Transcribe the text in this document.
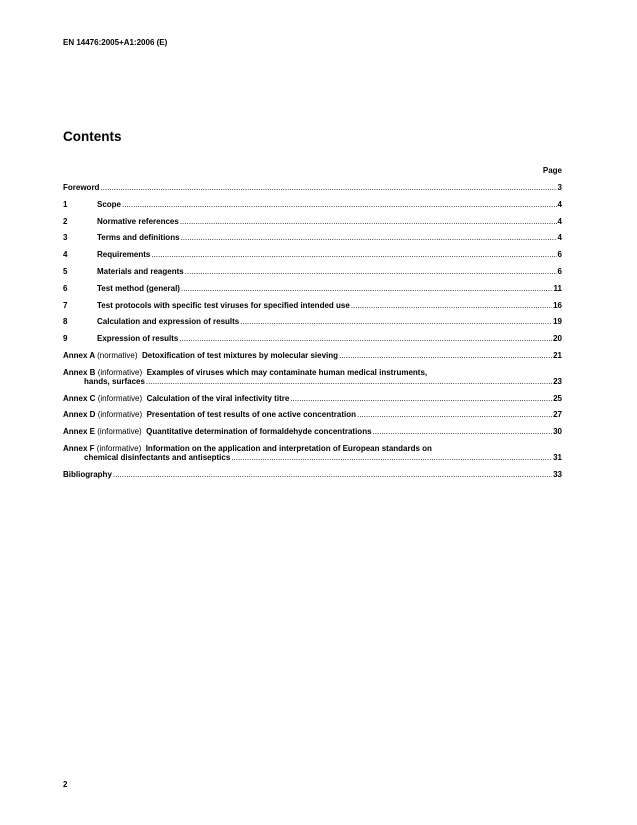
EN 14476:2005+A1:2006 (E)
Contents
Page
Foreword .....	3
1	Scope .....	4
2	Normative references .....	4
3	Terms and definitions .....	4
4	Requirements .....	6
5	Materials and reagents .....	6
6	Test method (general) .....	11
7	Test protocols with specific test viruses for specified intended use .....	16
8	Calculation and expression of results .....	19
9	Expression of results .....	20
Annex A (normative) Detoxification of test mixtures by molecular sieving .....	21
Annex B (informative) Examples of viruses which may contaminate human medical instruments,
hands, surfaces .....	23
Annex C (informative) Calculation of the viral infectivity titre .....	25
Annex D (informative) Presentation of test results of one active concentration .....	27
Annex E (informative) Quantitative determination of formaldehyde concentrations .....	30
Annex F (informative) Information on the application and interpretation of European standards on
chemical disinfectants and antiseptics .....	31
Bibliography .....	33
2
